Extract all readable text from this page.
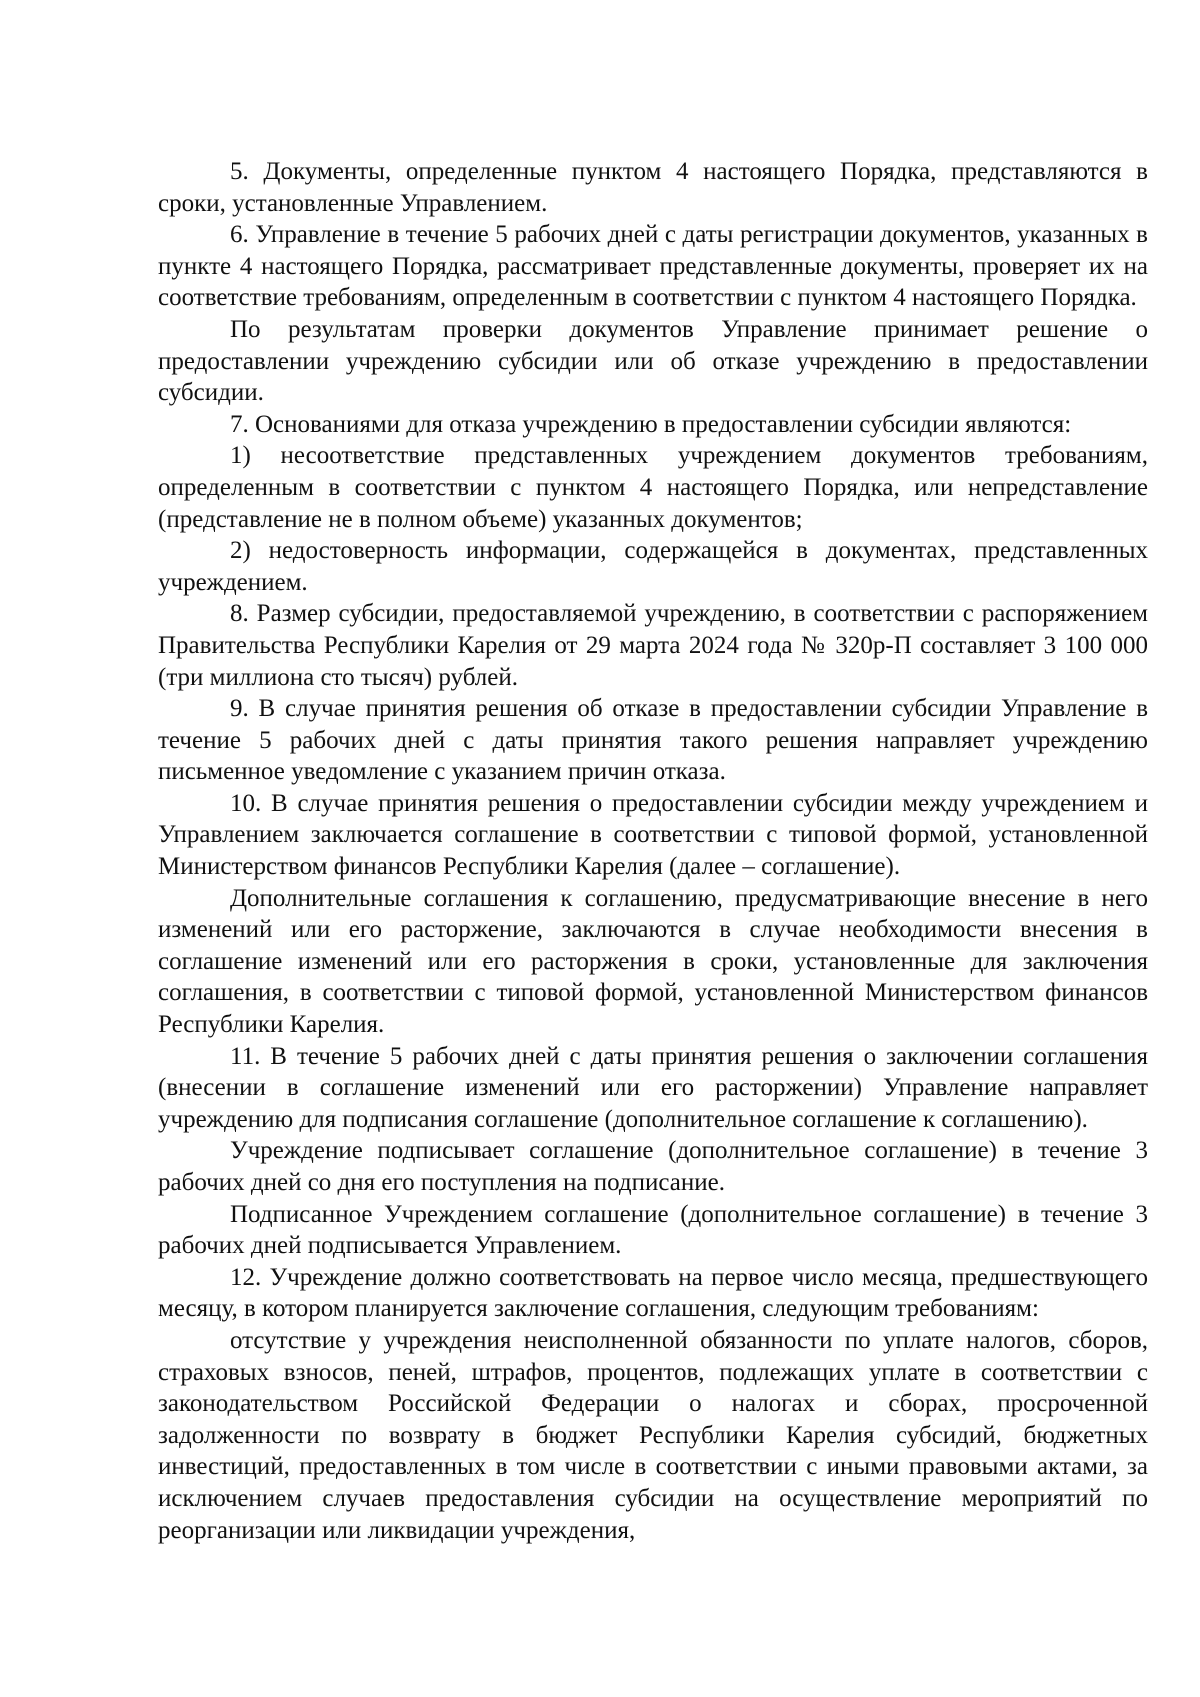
5. Документы, определенные пунктом 4 настоящего Порядка, представляются в сроки, установленные Управлением.

6. Управление в течение 5 рабочих дней с даты регистрации документов, указанных в пункте 4 настоящего Порядка, рассматривает представленные документы, проверяет их на соответствие требованиям, определенным в соответствии с пунктом 4 настоящего Порядка.

По результатам проверки документов Управление принимает решение о предоставлении учреждению субсидии или об отказе учреждению в предоставлении субсидии.

7. Основаниями для отказа учреждению в предоставлении субсидии являются:

1) несоответствие представленных учреждением документов требованиям, определенным в соответствии с пунктом 4 настоящего Порядка, или непредставление (представление не в полном объеме) указанных документов;

2) недостоверность информации, содержащейся в документах, представленных учреждением.

8. Размер субсидии, предоставляемой учреждению, в соответствии с распоряжением Правительства Республики Карелия от 29 марта 2024 года № 320р-П составляет 3 100 000 (три миллиона сто тысяч) рублей.

9. В случае принятия решения об отказе в предоставлении субсидии Управление в течение 5 рабочих дней с даты принятия такого решения направляет учреждению письменное уведомление с указанием причин отказа.

10. В случае принятия решения о предоставлении субсидии между учреждением и Управлением заключается соглашение в соответствии с типовой формой, установленной Министерством финансов Республики Карелия (далее – соглашение).

Дополнительные соглашения к соглашению, предусматривающие внесение в него изменений или его расторжение, заключаются в случае необходимости внесения в соглашение изменений или его расторжения в сроки, установленные для заключения соглашения, в соответствии с типовой формой, установленной Министерством финансов Республики Карелия.

11. В течение 5 рабочих дней с даты принятия решения о заключении соглашения (внесении в соглашение изменений или его расторжении) Управление направляет учреждению для подписания соглашение (дополнительное соглашение к соглашению).

Учреждение подписывает соглашение (дополнительное соглашение) в течение 3 рабочих дней со дня его поступления на подписание.

Подписанное Учреждением соглашение (дополнительное соглашение) в течение 3 рабочих дней подписывается Управлением.

12. Учреждение должно соответствовать на первое число месяца, предшествующего месяцу, в котором планируется заключение соглашения, следующим требованиям:

отсутствие у учреждения неисполненной обязанности по уплате налогов, сборов, страховых взносов, пеней, штрафов, процентов, подлежащих уплате в соответствии с законодательством Российской Федерации о налогах и сборах, просроченной задолженности по возврату в бюджет Республики Карелия субсидий, бюджетных инвестиций, предоставленных в том числе в соответствии с иными правовыми актами, за исключением случаев предоставления субсидии на осуществление мероприятий по реорганизации или ликвидации учреждения,
